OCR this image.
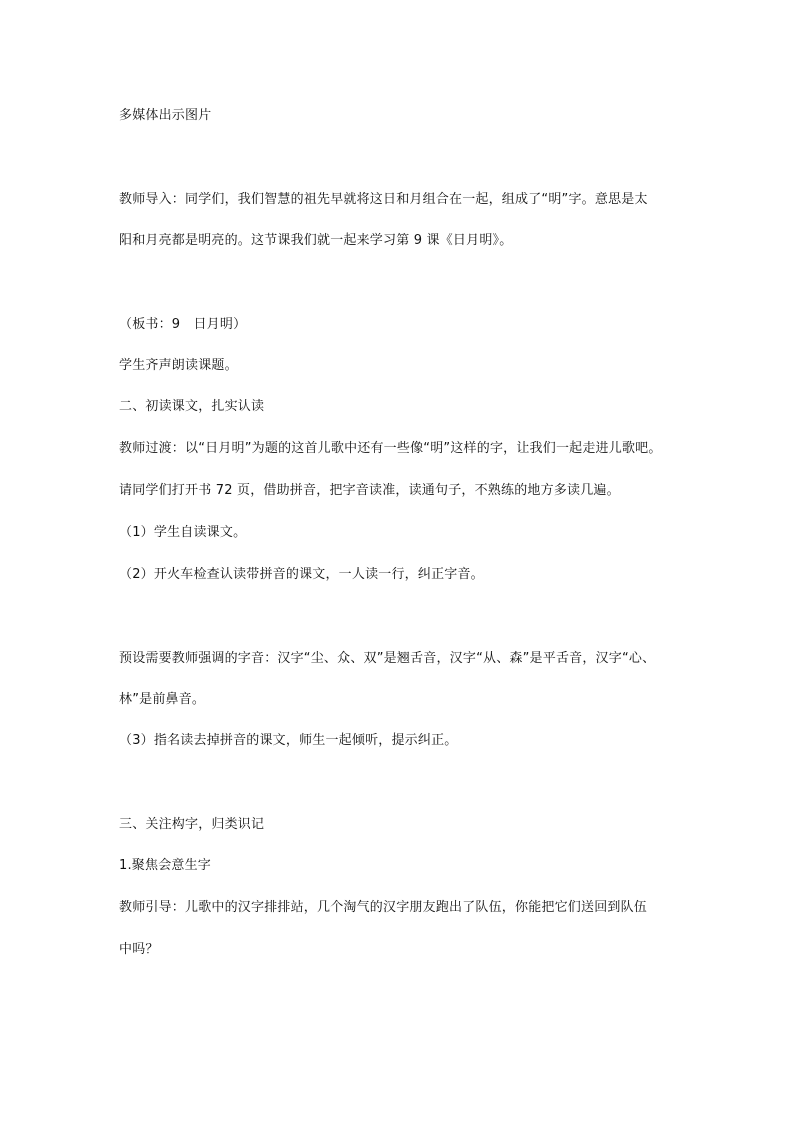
多媒体出示图片
教师导入：同学们，我们智慧的祖先早就将这日和月组合在一起，组成了“明”字。意思是太
阳和月亮都是明亮的。这节课我们就一起来学习第 9 课《日月明》。
（板书：9　日月明）
学生齐声朗读课题。
二、初读课文，扎实认读
教师过渡：以“日月明”为题的这首儿歌中还有一些像“明”这样的字，让我们一起走进儿歌吧。
请同学们打开书 72 页，借助拼音，把字音读准，读通句子，不熟练的地方多读几遍。
（1）学生自读课文。
（2）开火车检查认读带拼音的课文，一人读一行，纠正字音。
预设需要教师强调的字音：汉字“尘、众、双”是翘舌音，汉字“从、森”是平舌音，汉字“心、
林”是前鼻音。
（3）指名读去掉拼音的课文，师生一起倾听，提示纠正。
三、关注构字，归类识记
1.聚焦会意生字
教师引导：儿歌中的汉字排排站，几个淘气的汉字朋友跑出了队伍，你能把它们送回到队伍
中吗？
